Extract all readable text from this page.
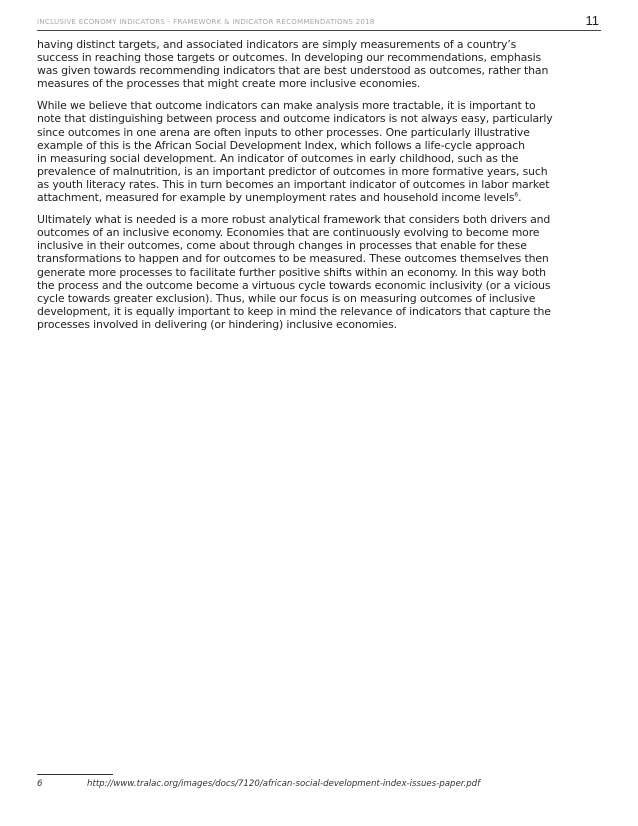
INCLUSIVE ECONOMY INDICATORS - FRAMEWORK & INDICATOR RECOMMENDATIONS 2018	11

having distinct targets, and associated indicators are simply measurements of a country’s
success in reaching those targets or outcomes. In developing our recommendations, emphasis
was given towards recommending indicators that are best understood as outcomes, rather than
measures of the processes that might create more inclusive economies.

While we believe that outcome indicators can make analysis more tractable, it is important to
note that distinguishing between process and outcome indicators is not always easy, particularly
since outcomes in one arena are often inputs to other processes. One particularly illustrative
example of this is the African Social Development Index, which follows a life-cycle approach
in measuring social development. An indicator of outcomes in early childhood, such as the
prevalence of malnutrition, is an important predictor of outcomes in more formative years, such
as youth literacy rates. This in turn becomes an important indicator of outcomes in labor market
attachment, measured for example by unemployment rates and household income levels$^6$.

Ultimately what is needed is a more robust analytical framework that considers both drivers and
outcomes of an inclusive economy. Economies that are continuously evolving to become more
inclusive in their outcomes, come about through changes in processes that enable for these
transformations to happen and for outcomes to be measured. These outcomes themselves then
generate more processes to facilitate further positive shifts within an economy. In this way both
the process and the outcome become a virtuous cycle towards economic inclusivity (or a vicious
cycle towards greater exclusion). Thus, while our focus is on measuring outcomes of inclusive
development, it is equally important to keep in mind the relevance of indicators that capture the
processes involved in delivering (or hindering) inclusive economies.

6	http://www.tralac.org/images/docs/7120/african-social-development-index-issues-paper.pdf
